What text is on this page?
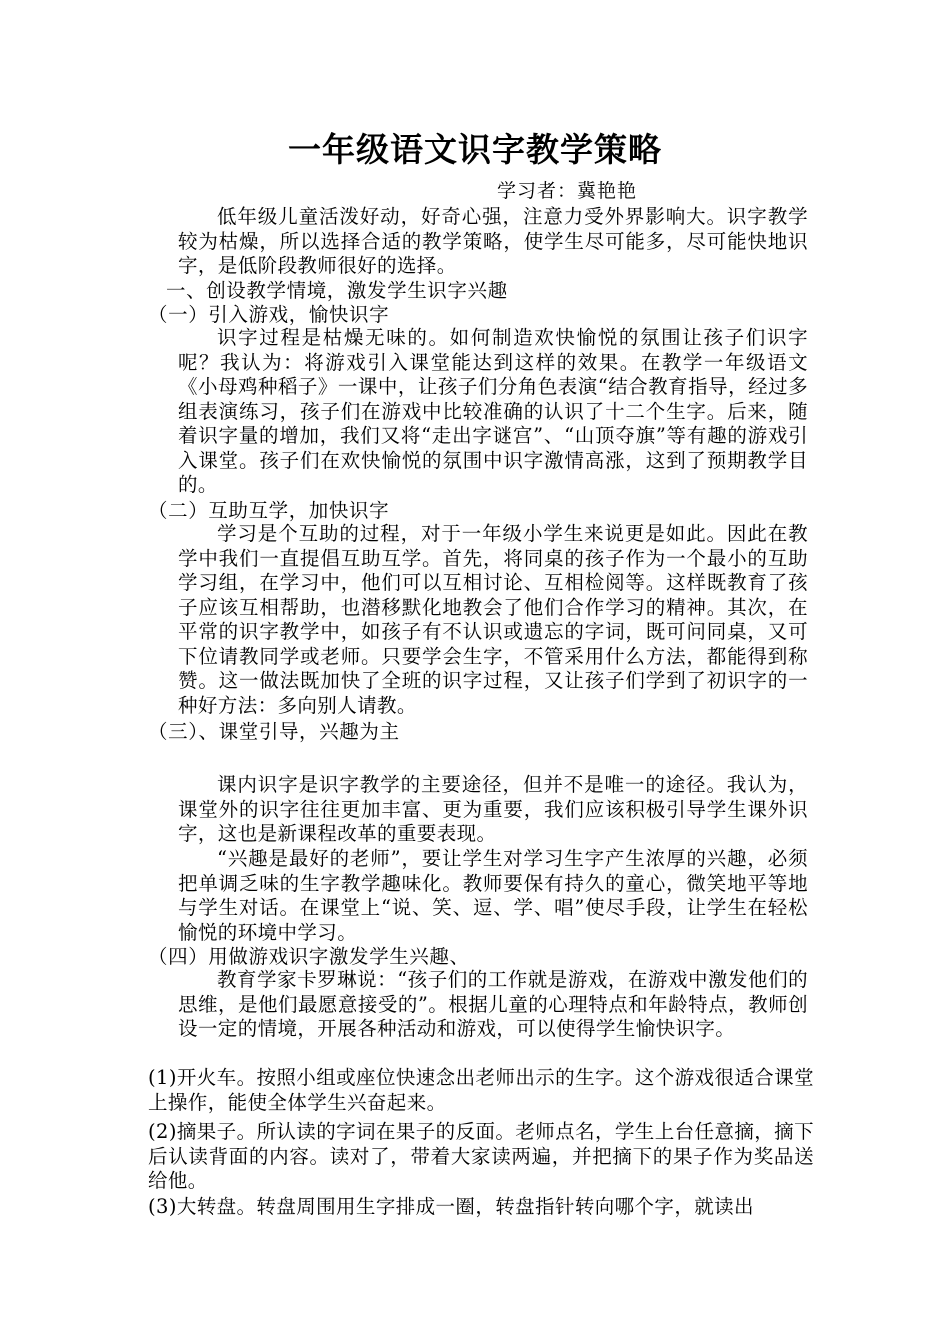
一年级语文识字教学策略
学习者：冀艳艳
低年级儿童活泼好动，好奇心强，注意力受外界影响大。识字教学较为枯燥，所以选择合适的教学策略，使学生尽可能多，尽可能快地识字，是低阶段教师很好的选择。
一、创设教学情境，激发学生识字兴趣
（一）引入游戏，愉快识字
识字过程是枯燥无味的。如何制造欢快愉悦的氛围让孩子们识字呢？我认为：将游戏引入课堂能达到这样的效果。在教学一年级语文《小母鸡种稻子》一课中，让孩子们分角色表演“结合教育指导，经过多组表演练习，孩子们在游戏中比较准确的认识了十二个生字。后来，随着识字量的增加，我们又将“走出字谜宫”、“山顶夺旗”等有趣的游戏引入课堂。孩子们在欢快愉悦的氛围中识字激情高涨，这到了预期教学目的。
（二）互助互学，加快识字
学习是个互助的过程，对于一年级小学生来说更是如此。因此在教学中我们一直提倡互助互学。首先，将同桌的孩子作为一个最小的互助学习组，在学习中，他们可以互相讨论、互相检阅等。这样既教育了孩子应该互相帮助，也潜移默化地教会了他们合作学习的精神。其次，在平常的识字教学中，如孩子有不认识或遗忘的字词，既可问同桌，又可下位请教同学或老师。只要学会生字，不管采用什么方法，都能得到称赞。这一做法既加快了全班的识字过程，又让孩子们学到了初识字的一种好方法：多向别人请教。
（三）、课堂引导，兴趣为主
课内识字是识字教学的主要途径，但并不是唯一的途径。我认为，课堂外的识字往往更加丰富、更为重要，我们应该积极引导学生课外识字，这也是新课程改革的重要表现。
“兴趣是最好的老师”，要让学生对学习生字产生浓厚的兴趣，必须把单调乏味的生字教学趣味化。教师要保有持久的童心，微笑地平等地与学生对话。在课堂上“说、笑、逗、学、唱”使尽手段，让学生在轻松愉悦的环境中学习。
（四）用做游戏识字激发学生兴趣、
教育学家卡罗琳说：“孩子们的工作就是游戏，在游戏中激发他们的思维，是他们最愿意接受的”。根据儿童的心理特点和年龄特点，教师创设一定的情境，开展各种活动和游戏，可以使得学生愉快识字。
(1)开火车。按照小组或座位快速念出老师出示的生字。这个游戏很适合课堂上操作，能使全体学生兴奋起来。
(2)摘果子。所认读的字词在果子的反面。老师点名，学生上台任意摘，摘下后认读背面的内容。读对了，带着大家读两遍，并把摘下的果子作为奖品送给他。
(3)大转盘。转盘周围用生字排成一圈，转盘指针转向哪个字，就读出
